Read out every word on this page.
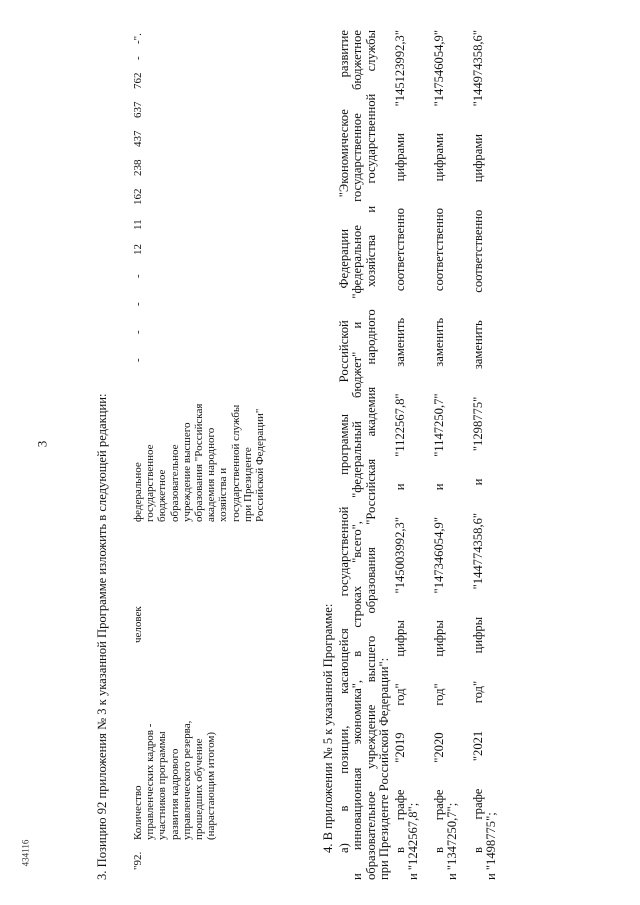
3
434116	3. Позицию 92 приложения № 3 к указанной Программе изложить в следующей редакции: "92.
Количество управленческих кадров - участников программы развития кадрового управленческого резерва, прошедших обучение (нарастающим итогом)
человек
федеральное государственное бюджетное образовательное учреждение высшего образования "Российская академия народного хозяйства и государственной службы при Президенте Российской Федерации"
-
-
-
-
12
11
162
238
437
637
762
-
-".
4. В приложении № 5 к указанной Программе: а) в позиции, касающейся государственной программы Российской Федерации "Экономическое развитие и инновационная экономика", в строках "всего", "федеральный бюджет" и "федеральное государственное бюджетное образовательное учреждение высшего образования "Российская академия народного хозяйства и государственной службы при Президенте Российской Федерации": в графе "2019 год" цифры "145003992,3" и "1122567,8" заменить соответственно цифрами "145123992,3" и "1242567,8"; в графе "2020 год" цифры "147346054,9" и "1147250,7" заменить соответственно цифрами "147546054,9" и "1347250,7"; в графе "2021 год" цифры "144774358,6" и "1298775" заменить соответственно цифрами "144974358,6" и "1498775";
